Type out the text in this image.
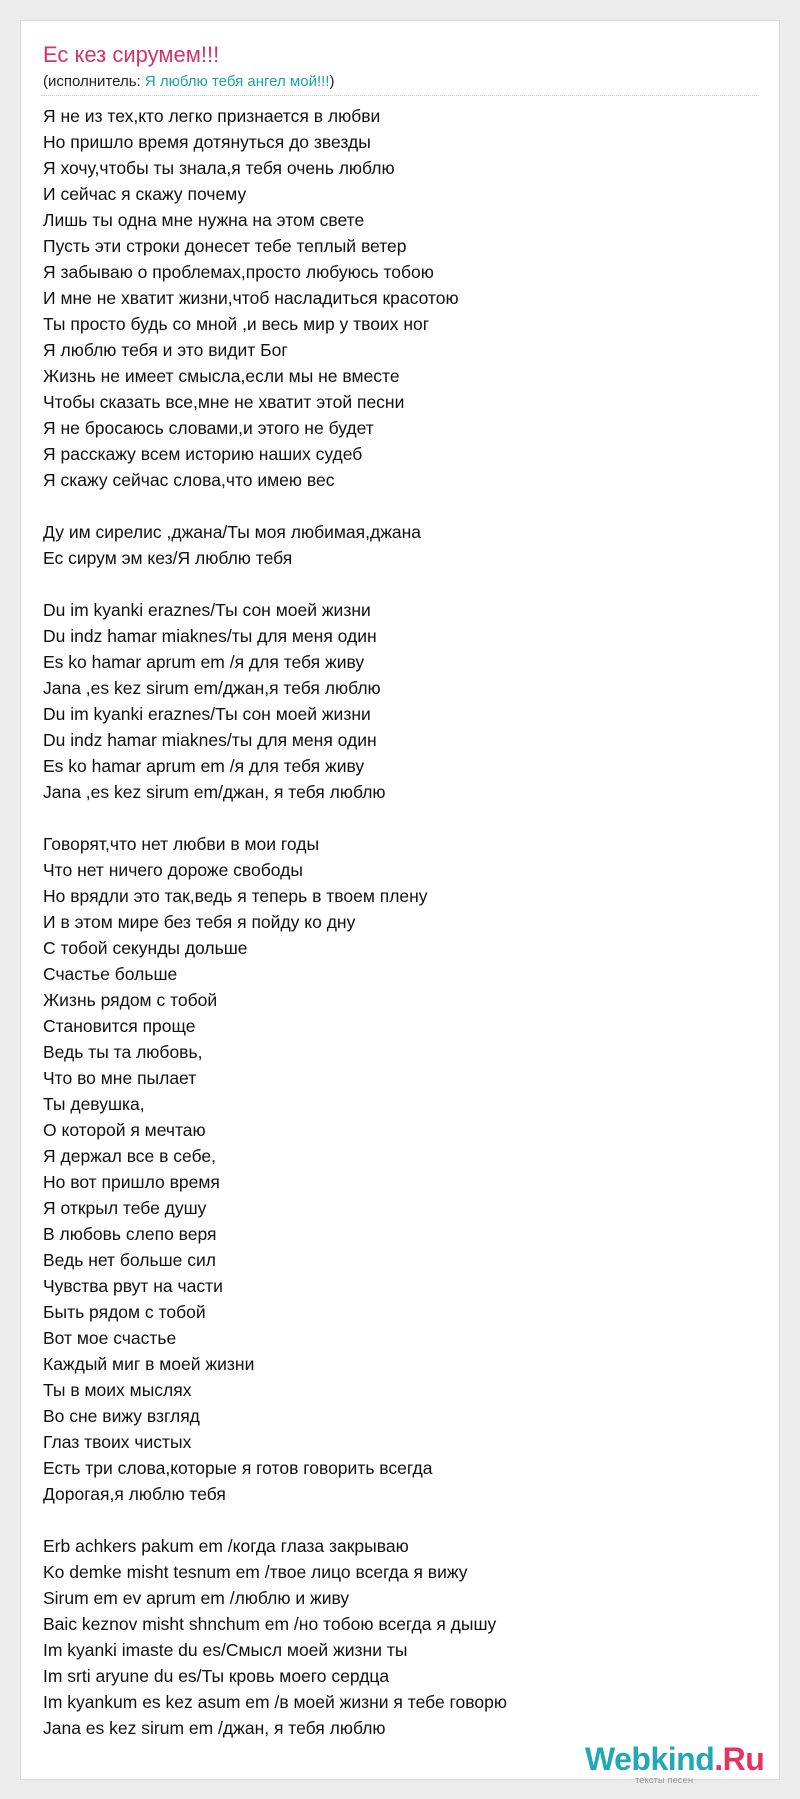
Ес кез сирумем!!!
(исполнитель: Я люблю тебя ангел мой!!!)
Я не из тех,кто легко признается в любви
Но пришло время дотянуться до звезды
Я хочу,чтобы ты знала,я тебя очень люблю
И сейчас я скажу почему
Лишь ты одна мне нужна на этом свете
Пусть эти строки донесет тебе теплый ветер
Я забываю о проблемах,просто любуюсь тобою
И мне не хватит жизни,чтоб насладиться красотою
Ты просто будь со мной ,и весь мир у твоих ног
Я люблю тебя и это видит Бог
Жизнь не имеет смысла,если мы не вместе
Чтобы сказать все,мне не хватит этой песни
Я не бросаюсь словами,и этого не будет
Я расскажу всем историю наших судеб
Я скажу сейчас слова,что имею вес
Ду им сирелис ,джана/Ты моя любимая,джана
Ес сирум эм кез/Я люблю тебя
Du im kyanki eraznes/Ты сон моей жизни
Du indz hamar miaknes/ты для меня один
Es ko hamar aprum em /я для тебя живу
Jana ,es kez sirum em/джан,я тебя люблю
Du im kyanki eraznes/Ты сон моей жизни
Du indz hamar miaknes/ты для меня один
Es ko hamar aprum em /я для тебя живу
Jana ,es kez sirum em/джан, я тебя люблю
Говорят,что нет любви в мои годы
Что нет ничего дороже свободы
Но врядли это так,ведь я теперь в твоем плену
И в этом мире без тебя я пойду ко дну
С тобой секунды дольше
Счастье больше
Жизнь рядом с тобой
Становится проще
Ведь ты та любовь,
Что во мне пылает
Ты девушка,
О которой я мечтаю
Я держал все в себе,
Но вот пришло время
Я открыл тебе душу
В любовь слепо веря
Ведь нет больше сил
Чувства рвут на части
Быть рядом с тобой
Вот мое счастье
Каждый миг в моей жизни
Ты в моих мыслях
Во сне вижу взгляд
Глаз твоих чистых
Есть три слова,которые я готов говорить всегда
Дорогая,я люблю тебя
Erb achkers pakum em /когда глаза закрываю
Ko demke misht tesnum em /твое лицо всегда я вижу
Sirum em ev aprum em /люблю и живу
Baic keznov misht shnchum em /но тобою всегда я дышу
Im kyanki imaste du es/Смысл моей жизни ты
Im srti aryune du es/Ты кровь моего сердца
Im kyankum es kez asum em /в моей жизни я тебе говорю
Jana es kez sirum em /джан, я тебя люблю
Webkind.Ru
тексты песен
